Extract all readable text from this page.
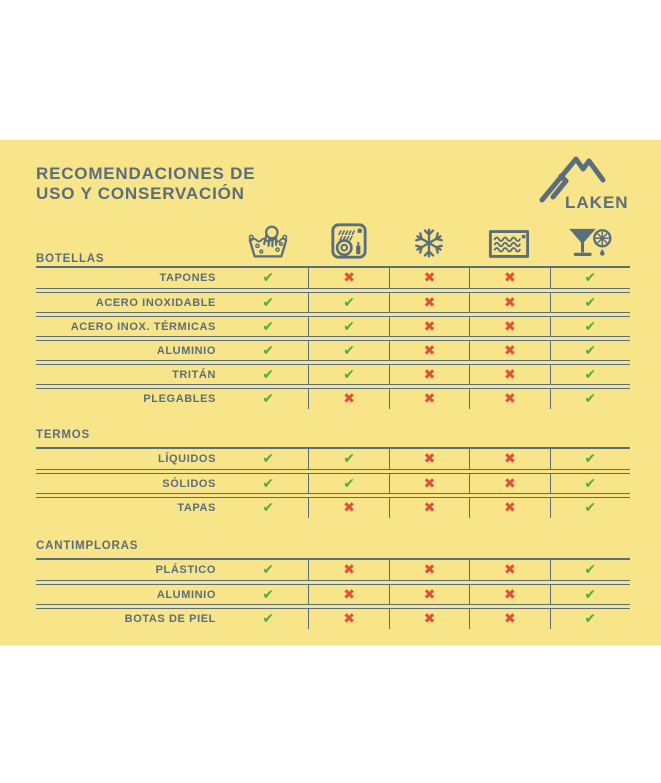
RECOMENDACIONES DE
USO Y CONSERVACIÓN	LAKEN
BOTELLAS
TAPONES	✔	✖	✖	✖	✔
ACERO INOXIDABLE	✔	✔	✖	✖	✔
ACERO INOX. TÉRMICAS	✔	✔	✖	✖	✔
ALUMINIO	✔	✔	✖	✖	✔
TRITÁN	✔	✔	✖	✖	✔
PLEGABLES	✔	✖	✖	✖	✔
TERMOS
LÍQUIDOS	✔	✔	✖	✖	✔
SÓLIDOS	✔	✔	✖	✖	✔
TAPAS	✔	✖	✖	✖	✔
CANTIMPLORAS
PLÁSTICO	✔	✖	✖	✖	✔
ALUMINIO	✔	✖	✖	✖	✔
BOTAS DE PIEL	✔	✖	✖	✖	✔
